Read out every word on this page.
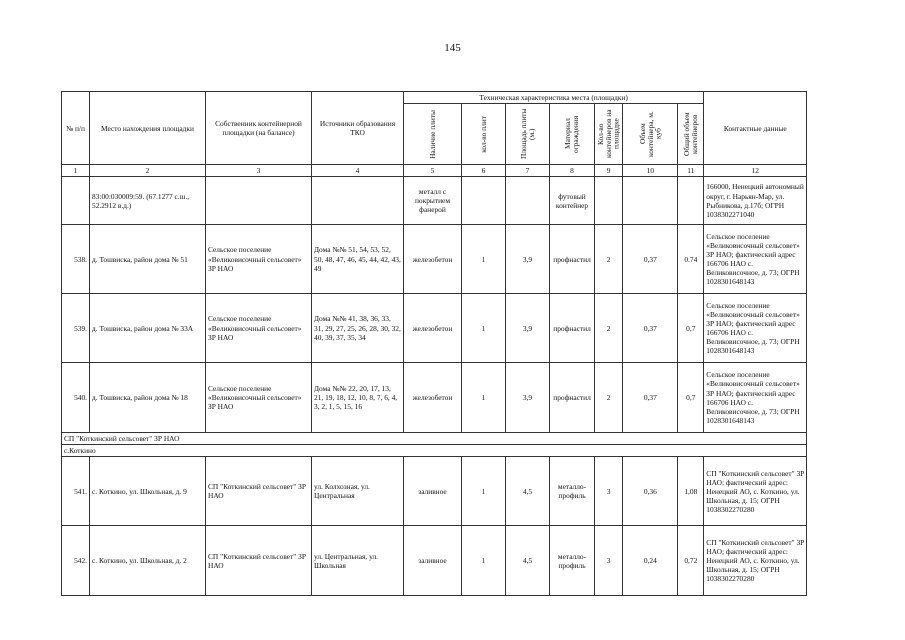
145
№ п/п	Место нахождения площадки	Собственник контейнерной площадки (на балансе)	Источники образования ТКО	Техническая характеристика места (площадки)							Контактные данные

				Наличие плиты	кол-во плит	Площадь плиты (м.)	Материал ограждения	Кол-во контейнеров на площадке	Объем контейнера, м. куб	Общий объем контейнеров	

1	2	3	4	5	6	7	8	9	10	11	12
	83:00:030009:59. (67.1277 с.ш., 52.2912 в.д.)			металл с покрытием фанерой			футовый контейнер				166000, Ненецкий автономный округ, г. Нарьян-Мар, ул. Рыбникова, д.17б; ОГРН 1038302271040
538.	д. Тошвиска, район дома № 51	Сельское поселение «Великовисочный сельсовет» ЗР НАО	Дома №№ 51, 54, 53, 52, 50, 48, 47, 46, 45, 44, 42, 43, 49	железобетон	1	3,9	профнастил	2	0,37	0.74	Сельское поселение «Великовисочный сельсовет» ЗР НАО; фактический адрес 166706 НАО с. Великовисочное, д. 73; ОГРН 1028301648143
539.	д. Тошвиска, район дома № 33А	Сельское поселение «Великовисочный сельсовет» ЗР НАО	Дома №№ 41, 38, 36, 33, 31, 29, 27, 25, 26, 28, 30, 32, 40, 39, 37, 35, 34	железобетон	1	3,9	профнастил	2	0,37	0,7	Сельское поселение «Великовисочный сельсовет» ЗР НАО; фактический адрес 166706 НАО с. Великовисочное, д. 73; ОГРН 1028301648143
540.	д. Тошвиска, район дома № 18	Сельское поселение «Великовисочный сельсовет» ЗР НАО	Дома №№ 22, 20, 17, 13, 21, 19, 18, 12, 10, 8, 7, 6, 4, 3, 2, 1, 5, 15, 16	железобетон	1	3,9	профнастил	2	0,37	0,7	Сельское поселение «Великовисочный сельсовет» ЗР НАО; фактический адрес 166706 НАО с. Великовисочное, д. 73; ОГРН 1028301648143
СП "Коткинский сельсовет" ЗР НАО											
с.Коткино											
541.	с. Коткино, ул. Школьная, д. 9	СП "Коткинский сельсовет" ЗР НАО	ул. Колхозная, ул. Центральная	заливное	1	4,5	металло-профиль	3	0,36	1,08	СП "Коткинский сельсовет" ЗР НАО; фактический адрес: Ненецкий АО, с. Коткино, ул. Школьная, д. 15; ОГРН 1038302270280
542.	с. Коткино, ул. Школьная, д. 2	СП "Коткинский сельсовет" ЗР НАО	ул. Центральная, ул. Школьная	заливное	1	4,5	металло-профиль	3	0,24	0,72	СП "Коткинский сельсовет" ЗР НАО; фактический адрес: Ненецкий АО, с. Коткино, ул. Школьная, д. 15; ОГРН 1038302270280
